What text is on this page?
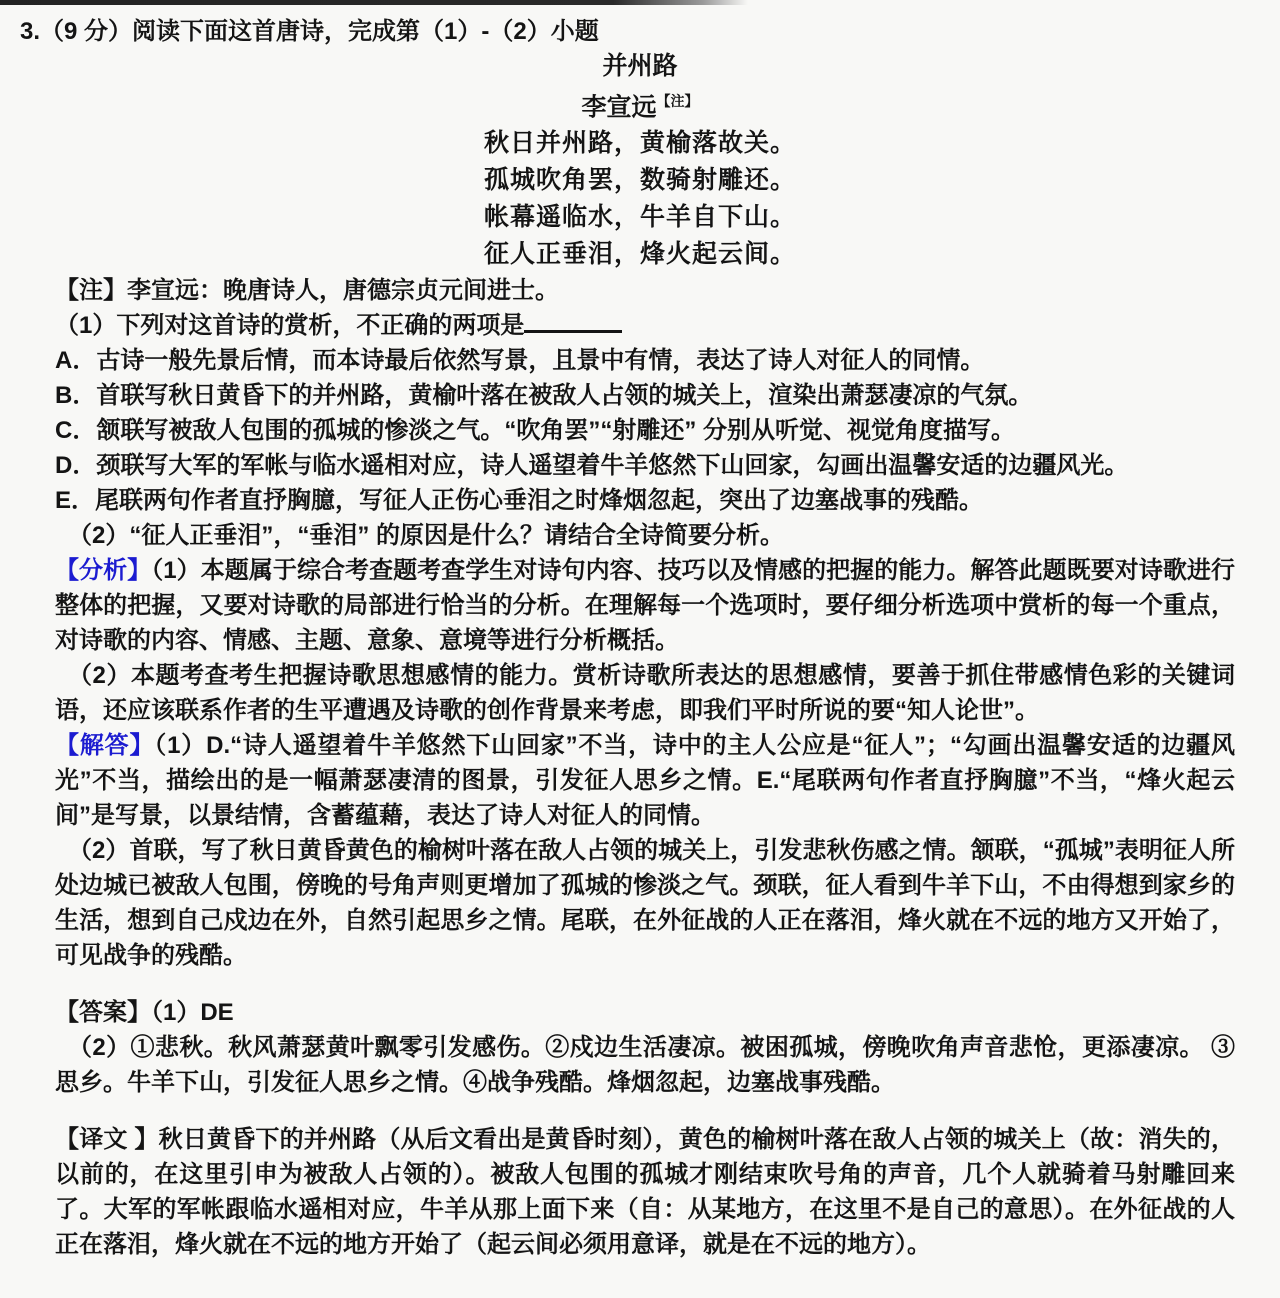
3.（9 分）阅读下面这首唐诗，完成第（1）-（2）小题

并州路
李宣远$^{【注】}$
秋日并州路，黄榆落故关。
孤城吹角罢，数骑射雕还。
帐幕遥临水，牛羊自下山。
征人正垂泪，烽火起云间。

【注】李宣远：晚唐诗人，唐德宗贞元间进士。

（1）下列对这首诗的赏析，不正确的两项是

A．古诗一般先景后情，而本诗最后依然写景，且景中有情，表达了诗人对征人的同情。

B．首联写秋日黄昏下的并州路，黄榆叶落在被敌人占领的城关上，渲染出萧瑟凄凉的气氛。

C．颔联写被敌人包围的孤城的惨淡之气。“吹角罢”“射雕还” 分别从听觉、视觉角度描写。

D．颈联写大军的军帐与临水遥相对应，诗人遥望着牛羊悠然下山回家，勾画出温馨安适的边疆风光。

E．尾联两句作者直抒胸臆，写征人正伤心垂泪之时烽烟忽起，突出了边塞战事的残酷。

（2）“征人正垂泪”，“垂泪” 的原因是什么？请结合全诗简要分析。

【分析】（1）本题属于综合考查题考查学生对诗句内容、技巧以及情感的把握的能力。解答此题既要对诗歌进行整体的把握，又要对诗歌的局部进行恰当的分析。在理解每一个选项时，要仔细分析选项中赏析的每一个重点，对诗歌的内容、情感、主题、意象、意境等进行分析概括。

（2）本题考查考生把握诗歌思想感情的能力。赏析诗歌所表达的思想感情，要善于抓住带感情色彩的关键词语，还应该联系作者的生平遭遇及诗歌的创作背景来考虑，即我们平时所说的要“知人论世”。

【解答】（1）D.“诗人遥望着牛羊悠然下山回家”不当，诗中的主人公应是“征人”；“勾画出温馨安适的边疆风光”不当，描绘出的是一幅萧瑟凄清的图景，引发征人思乡之情。E.“尾联两句作者直抒胸臆”不当，“烽火起云间”是写景，以景结情，含蓄蕴藉，表达了诗人对征人的同情。

（2）首联，写了秋日黄昏黄色的榆树叶落在敌人占领的城关上，引发悲秋伤感之情。颔联，“孤城”表明征人所处边城已被敌人包围，傍晚的号角声则更增加了孤城的惨淡之气。颈联，征人看到牛羊下山，不由得想到家乡的生活，想到自己戍边在外，自然引起思乡之情。尾联，在外征战的人正在落泪，烽火就在不远的地方又开始了，可见战争的残酷。

【答案】（1）DE

（2）①悲秋。秋风萧瑟黄叶飘零引发感伤。②戍边生活凄凉。被困孤城，傍晚吹角声音悲怆，更添凄凉。 ③思乡。牛羊下山，引发征人思乡之情。④战争残酷。烽烟忽起，边塞战事残酷。

【译文 】秋日黄昏下的并州路（从后文看出是黄昏时刻），黄色的榆树叶落在敌人占领的城关上（故：消失的，以前的，在这里引申为被敌人占领的）。被敌人包围的孤城才刚结束吹号角的声音，几个人就骑着马射雕回来了。大军的军帐跟临水遥相对应，牛羊从那上面下来（自：从某地方，在这里不是自己的意思）。在外征战的人正在落泪，烽火就在不远的地方开始了（起云间必须用意译，就是在不远的地方）。
